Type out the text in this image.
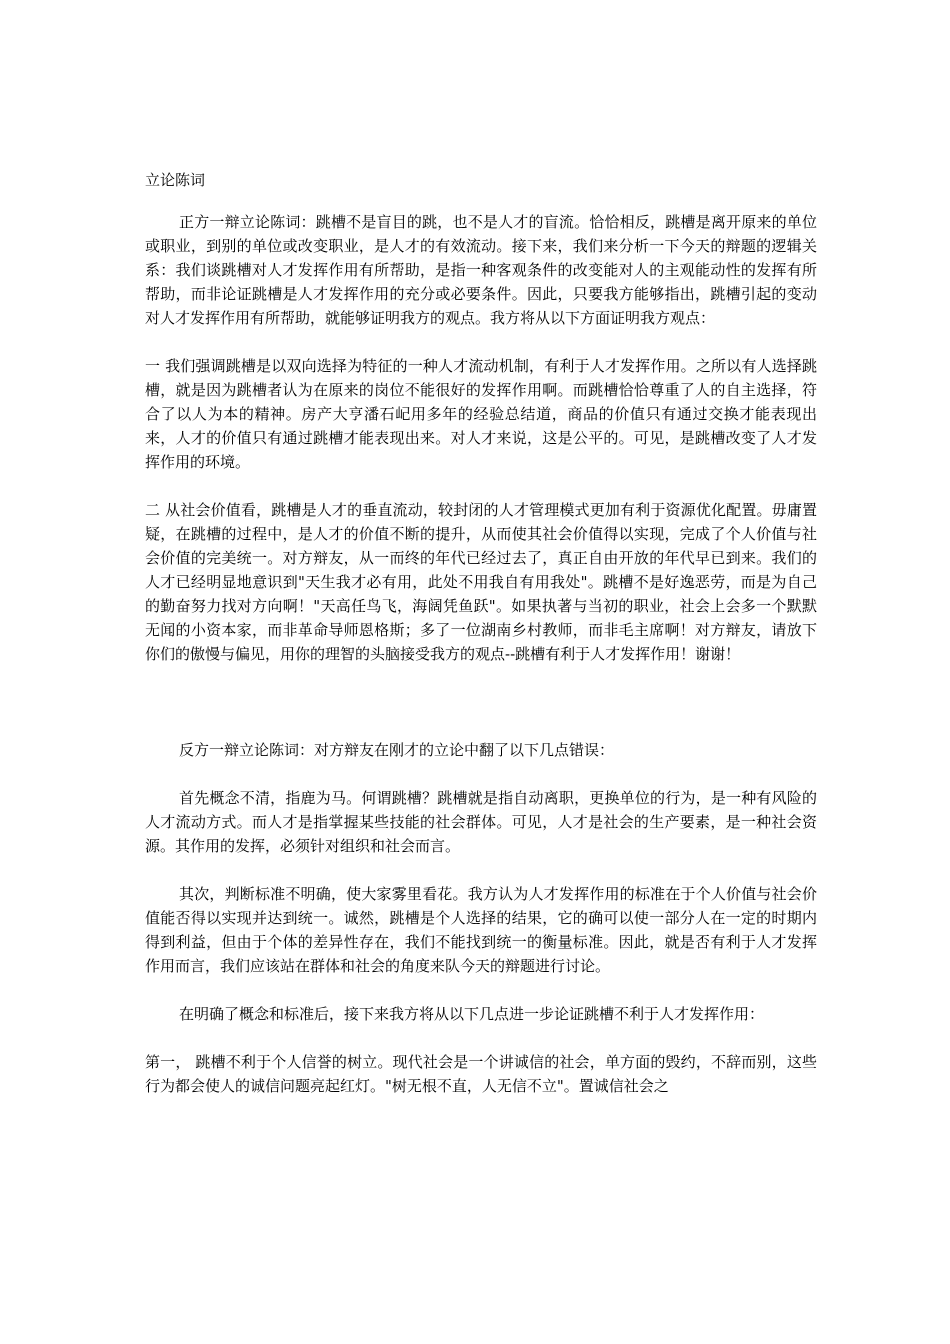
立论陈词

正方一辩立论陈词：跳槽不是盲目的跳，也不是人才的盲流。恰恰相反，跳槽是离开原来的单位或职业，到别的单位或改变职业，是人才的有效流动。接下来，我们来分析一下今天的辩题的逻辑关系：我们谈跳槽对人才发挥作用有所帮助，是指一种客观条件的改变能对人的主观能动性的发挥有所帮助，而非论证跳槽是人才发挥作用的充分或必要条件。因此，只要我方能够指出，跳槽引起的变动对人才发挥作用有所帮助，就能够证明我方的观点。我方将从以下方面证明我方观点：

一 我们强调跳槽是以双向选择为特征的一种人才流动机制，有利于人才发挥作用。之所以有人选择跳槽，就是因为跳槽者认为在原来的岗位不能很好的发挥作用啊。而跳槽恰恰尊重了人的自主选择，符合了以人为本的精神。房产大亨潘石屺用多年的经验总结道，商品的价值只有通过交换才能表现出来，人才的价值只有通过跳槽才能表现出来。对人才来说，这是公平的。可见，是跳槽改变了人才发挥作用的环境。

二 从社会价值看，跳槽是人才的垂直流动，较封闭的人才管理模式更加有利于资源优化配置。毋庸置疑，在跳槽的过程中，是人才的价值不断的提升，从而使其社会价值得以实现，完成了个人价值与社会价值的完美统一。对方辩友，从一而终的年代已经过去了，真正自由开放的年代早已到来。我们的人才已经明显地意识到"天生我才必有用，此处不用我自有用我处"。跳槽不是好逸恶劳，而是为自己的勤奋努力找对方向啊！"天高任鸟飞，海阔凭鱼跃"。如果执著与当初的职业，社会上会多一个默默无闻的小资本家，而非革命导师恩格斯；多了一位湖南乡村教师，而非毛主席啊！对方辩友，请放下你们的傲慢与偏见，用你的理智的头脑接受我方的观点--跳槽有利于人才发挥作用！谢谢！

反方一辩立论陈词：对方辩友在刚才的立论中翻了以下几点错误：

首先概念不清，指鹿为马。何谓跳槽？跳槽就是指自动离职，更换单位的行为，是一种有风险的人才流动方式。而人才是指掌握某些技能的社会群体。可见，人才是社会的生产要素，是一种社会资源。其作用的发挥，必须针对组织和社会而言。

其次，判断标准不明确，使大家雾里看花。我方认为人才发挥作用的标准在于个人价值与社会价值能否得以实现并达到统一。诚然，跳槽是个人选择的结果，它的确可以使一部分人在一定的时期内得到利益，但由于个体的差异性存在，我们不能找到统一的衡量标准。因此，就是否有利于人才发挥作用而言，我们应该站在群体和社会的角度来队今天的辩题进行讨论。

在明确了概念和标准后，接下来我方将从以下几点进一步论证跳槽不利于人才发挥作用：

第一， 跳槽不利于个人信誉的树立。现代社会是一个讲诚信的社会，单方面的毁约，不辞而别，这些行为都会使人的诚信问题亮起红灯。"树无根不直，人无信不立"。置诚信社会之
